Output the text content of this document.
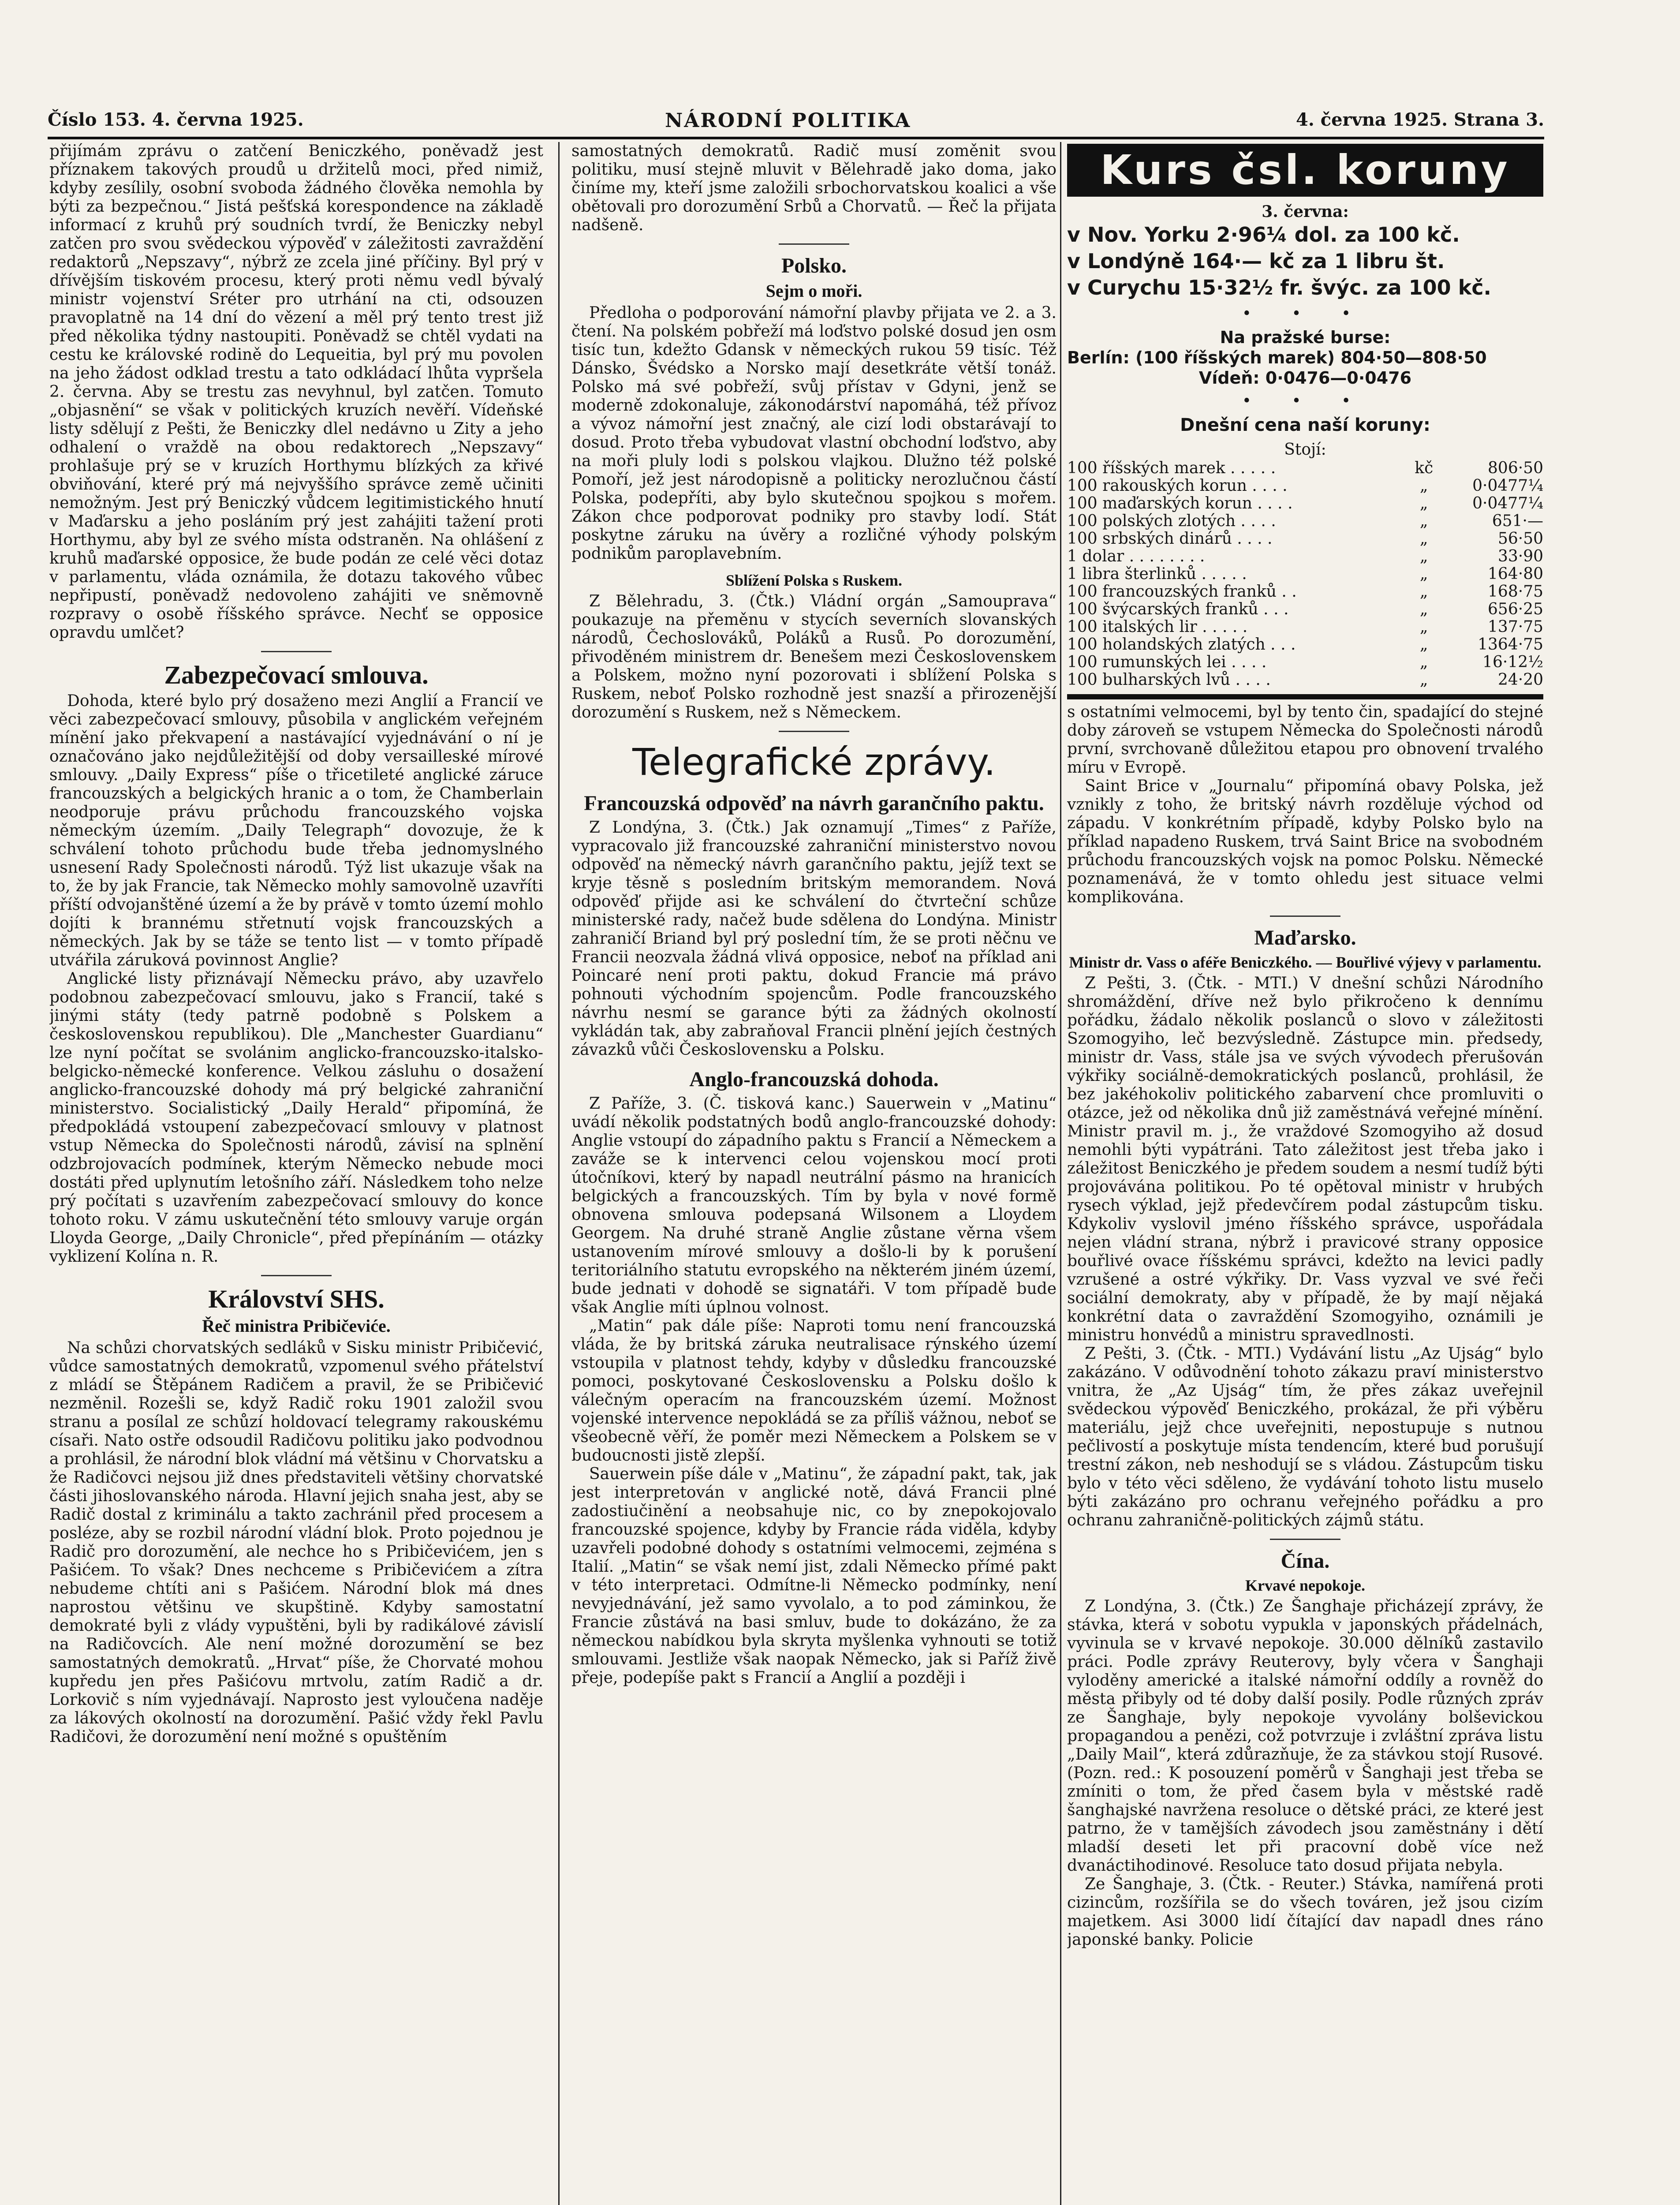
Číslo 153. 4. června 1925.	NÁRODNÍ POLITIKA	4. června 1925. Strana 3.

přijímám zprávu o zatčení Beniczkého, poněvadž jest příznakem takových proudů u držitelů moci, před nimiž, kdyby zesílily, osobní svoboda žádného člověka nemohla by býti za bezpečnou.“ Jistá pešťská korespondence na základě informací z kruhů prý soudních tvrdí, že Beniczky nebyl zatčen pro svou svědeckou výpověď v záležitosti zavraždění redaktorů „Nepszavy“, nýbrž ze zcela jiné příčiny. Byl prý v dřívějším tiskovém procesu, který proti němu vedl bývalý ministr vojenství Sréter pro utrhání na cti, odsouzen pravoplatně na 14 dní do vězení a měl prý tento trest již před několika týdny nastoupiti. Poněvadž se chtěl vydati na cestu ke královské rodině do Lequeitia, byl prý mu povolen na jeho žádost odklad trestu a tato odkládací lhůta vypršela 2. června. Aby se trestu zas nevyhnul, byl zatčen. Tomuto „objasnění“ se však v politických kruzích nevěří. Vídeňské listy sdělují z Pešti, že Beniczky dlel nedávno u Zity a jeho odhalení o vraždě na obou redaktorech „Nepszavy“ prohlašuje prý se v kruzích Horthymu blízkých za křivé obviňování, které prý má nejvyššího správce země učiniti nemožným. Jest prý Beniczký vůdcem legitimistického hnutí v Maďarsku a jeho posláním prý jest zahájiti tažení proti Horthymu, aby byl ze svého místa odstraněn. Na ohlášení z kruhů maďarské opposice, že bude podán ze celé věci dotaz v parlamentu, vláda oznámila, že dotazu takového vůbec nepřipustí, poněvadž nedovoleno zahájiti ve sněmovně rozpravy o osobě říšského správce. Nechť se opposice opravdu umlčet?

Zabezpečovací smlouva.

Dohoda, které bylo prý dosaženo mezi Anglií a Francií ve věci zabezpečovací smlouvy, působila v anglickém veřejném mínění jako překvapení a nastávající vyjednávání o ní je označováno jako nejdůležitější od doby versailleské mírové smlouvy. „Daily Express“ píše o třicetileté anglické záruce francouzských a belgických hranic a o tom, že Chamberlain neodporuje právu průchodu francouzského vojska německým územím. „Daily Telegraph“ dovozuje, že k schválení tohoto průchodu bude třeba jednomyslného usnesení Rady Společnosti národů. Týž list ukazuje však na to, že by jak Francie, tak Německo mohly samovolně uzavříti příští odvojanštěné území a že by právě v tomto území mohlo dojíti k brannému střetnutí vojsk francouzských a německých. Jak by se táže se tento list — v tomto případě utvářila záruková povinnost Anglie?

Anglické listy přiznávají Německu právo, aby uzavřelo podobnou zabezpečovací smlouvu, jako s Francií, také s jinými státy (tedy patrně podobně s Polskem a československou republikou). Dle „Manchester Guardianu“ lze nyní počítat se svolánim anglicko-francouzsko-italsko-belgicko-německé konference. Velkou zásluhu o dosažení anglicko-francouzské dohody má prý belgické zahraniční ministerstvo. Socialistický „Daily Herald“ připomíná, že předpokládá vstoupení zabezpečovací smlouvy v platnost vstup Německa do Společnosti národů, závisí na splnění odzbrojovacích podmínek, kterým Německo nebude moci dostáti před uplynutím letošního září. Následkem toho nelze prý počítati s uzavřením zabezpečovací smlouvy do konce tohoto roku. V zámu uskutečnění této smlouvy varuje orgán Lloyda George, „Daily Chronicle“, před přepínáním — otázky vyklizení Kolína n. R.

Království SHS.
Řeč ministra Pribičeviće.

Na schůzi chorvatských sedláků v Sisku ministr Pribičević, vůdce samostatných demokratů, vzpomenul svého přátelství z mládí se Štěpánem Radičem a pravil, že se Pribičević nezměnil. Rozešli se, když Radič roku 1901 založil svou stranu a posílal ze schůzí holdovací telegramy rakouskému císaři. Nato ostře odsoudil Radičovu politiku jako podvodnou a prohlásil, že národní blok vládní má většinu v Chorvatsku a že Radičovci nejsou již dnes představiteli většiny chorvatské části jihoslovanského národa. Hlavní jejich snaha jest, aby se Radič dostal z kriminálu a takto zachránil před procesem a posléze, aby se rozbil národní vládní blok. Proto pojednou je Radič pro dorozumění, ale nechce ho s Pribičevićem, jen s Pašićem. To však? Dnes nechceme s Pribičevićem a zítra nebudeme chtíti ani s Pašićem. Národní blok má dnes naprostou většinu ve skupštině. Kdyby samostatní demokraté byli z vlády vypuštěni, byli by radikálové závislí na Radičovcích. Ale není možné dorozumění se bez samostatných demokratů. „Hrvat“ píše, že Chorvaté mohou kupředu jen přes Pašićovu mrtvolu, zatím Radič a dr. Lorkovič s ním vyjednávají. Naprosto jest vyloučena naděje za lákových okolností na dorozumění. Pašić vždy řekl Pavlu Radičovi, že dorozumění není možné s opuštěním

samostatných demokratů. Radič musí zoměnit svou politiku, musí stejně mluvit v Bělehradě jako doma, jako činíme my, kteří jsme založili srbochorvatskou koalici a vše obětovali pro dorozumění Srbů a Chorvatů. — Řeč la přijata nadšeně.

Polsko.
Sejm o moři.

Předloha o podporování námořní plavby přijata ve 2. a 3. čtení. Na polském pobřeží má loďstvo polské dosud jen osm tisíc tun, kdežto Gdansk v německých rukou 59 tisíc. Též Dánsko, Švédsko a Norsko mají desetkráte větší tonáž. Polsko má své pobřeží, svůj přístav v Gdyni, jenž se moderně zdokonaluje, zákonodárství napomáhá, též přívoz a vývoz námořní jest značný, ale cizí lodi obstarávají to dosud. Proto třeba vybudovat vlastní obchodní loďstvo, aby na moři pluly lodi s polskou vlajkou. Dlužno též polské Pomoří, jež jest národopisně a politicky nerozlučnou částí Polska, podepříti, aby bylo skutečnou spojkou s mořem. Zákon chce podporovat podniky pro stavby lodí. Stát poskytne záruku na úvěry a rozličné výhody polským podnikům paroplavebním.

Sblížení Polska s Ruskem.

Z Bělehradu, 3. (Čtk.) Vládní orgán „Samouprava“ poukazuje na přeměnu v stycích severních slovanských národů, Čechoslováků, Poláků a Rusů. Po dorozumění, přivoděném ministrem dr. Benešem mezi Československem a Polskem, možno nyní pozorovati i sblížení Polska s Ruskem, neboť Polsko rozhodně jest snazší a přirozenější dorozumění s Ruskem, než s Německem.

Telegrafické zprávy.
Francouzská odpověď na návrh garančního paktu.

Z Londýna, 3. (Čtk.) Jak oznamují „Times“ z Paříže, vypracovalo již francouzské zahraniční ministerstvo novou odpověď na německý návrh garančního paktu, jejíž text se kryje těsně s posledním britským memorandem. Nová odpověď přijde asi ke schválení do čtvrteční schůze ministerské rady, načež bude sdělena do Londýna. Ministr zahraničí Briand byl prý poslední tím, že se proti něčnu ve Francii neozvala žádná vlivá opposice, neboť na příklad ani Poincaré není proti paktu, dokud Francie má právo pohnouti východním spojencům. Podle francouzského návrhu nesmí se garance býti za žádných okolností vykládán tak, aby zabraňoval Francii plnění jejích čestných závazků vůči Československu a Polsku.

Anglo-francouzská dohoda.

Z Paříže, 3. (Č. tisková kanc.) Sauerwein v „Matinu“ uvádí několik podstatných bodů anglo-francouzské dohody: Anglie vstoupí do západního paktu s Francií a Německem a zaváže se k intervenci celou vojenskou mocí proti útočníkovi, který by napadl neutrální pásmo na hranicích belgických a francouzských. Tím by byla v nové formě obnovena smlouva podepsaná Wilsonem a Lloydem Georgem. Na druhé straně Anglie zůstane věrna všem ustanovením mírové smlouvy a došlo-li by k porušení teritoriálního statutu evropského na některém jiném území, bude jednati v dohodě se signatáři. V tom případě bude však Anglie míti úplnou volnost.

„Matin“ pak dále píše: Naproti tomu není francouzská vláda, že by britská záruka neutralisace rýnského území vstoupila v platnost tehdy, kdyby v důsledku francouzské pomoci, poskytované Československu a Polsku došlo k válečným operacím na francouzském území. Možnost vojenské intervence nepokládá se za příliš vážnou, neboť se všeobecně věří, že poměr mezi Německem a Polskem se v budoucnosti jistě zlepší.

Sauerwein píše dále v „Matinu“, že západní pakt, tak, jak jest interpretován v anglické notě, dává Francii plné zadostiučinění a neobsahuje nic, co by znepokojovalo francouzské spojence, kdyby by Francie ráda viděla, kdyby uzavřeli podobné dohody s ostatními velmocemi, zejména s Italií. „Matin“ se však nemí jist, zdali Německo přímé pakt v této interpretaci. Odmítne-li Německo podmínky, není nevyjednávání, jež samo vyvolalo, a to pod záminkou, že Francie zůstává na basi smluv, bude to dokázáno, že za německou nabídkou byla skryta myšlenka vyhnouti se totiž smlouvami. Jestliže však naopak Německo, jak si Paříž živě přeje, podepíše pakt s Francií a Anglií a později i

Kurs čsl. koruny
3. června:
v Nov. Yorku 2·96¼ dol. za 100 kč.
v Londýně 164·— kč za 1 libru št.
v Curychu 15·32½ fr. švýc. za 100 kč.
• • •
Na pražské burse:
Berlín: (100 říšských marek) 804·50—808·50
Vídeň: 0·0476—0·0476
• • •
Dnešní cena naší koruny:
Stojí:
100 říšských marek . . . . .	kč	806·50
100 rakouských korun . . . .	„	0·0477¼
100 maďarských korun . . . .	„	0·0477¼
100 polských zlotých . . . .	„	651·—
100 srbských dinárů . . . .	„	56·50
1 dolar . . . . . . . .	„	33·90
1 libra šterlinků . . . . .	„	164·80
100 francouzských franků . .	„	168·75
100 švýcarských franků . . .	„	656·25
100 italských lir . . . . .	„	137·75
100 holandských zlatých . . .	„	1364·75
100 rumunských lei . . . .	„	16·12½
100 bulharských lvů . . . .	„	24·20

s ostatními velmocemi, byl by tento čin, spadající do stejné doby zároveň se vstupem Německa do Společnosti národů první, svrchovaně důležitou etapou pro obnovení trvalého míru v Evropě.

Saint Brice v „Journalu“ připomíná obavy Polska, jež vznikly z toho, že britský návrh rozděluje východ od západu. V konkrétním případě, kdyby Polsko bylo na příklad napadeno Ruskem, trvá Saint Brice na svobodném průchodu francouzských vojsk na pomoc Polsku. Německé poznamenává, že v tomto ohledu jest situace velmi komplikována.

Maďarsko.
Ministr dr. Vass o aféře Beniczkého. — Bouřlivé výjevy v parlamentu.

Z Pešti, 3. (Čtk. - MTI.) V dnešní schůzi Národního shromáždění, dříve než bylo přikročeno k dennímu pořádku, žádalo několik poslanců o slovo v záležitosti Szomogyiho, leč bezvýsledně. Zástupce min. předsedy, ministr dr. Vass, stále jsa ve svých vývodech přerušován výkřiky sociálně-demokratických poslanců, prohlásil, že bez jakéhokoliv politického zabarvení chce promluviti o otázce, jež od několika dnů již zaměstnává veřejné mínění. Ministr pravil m. j., že vraždové Szomogyiho až dosud nemohli býti vypátráni. Tato záležitost jest třeba jako i záležitost Beniczkého je předem soudem a nesmí tudíž býti projovávána politikou. Po té opětoval ministr v hrubých rysech výklad, jejž předevčírem podal zástupcům tisku. Kdykoliv vyslovil jméno říšského správce, uspořádala nejen vládní strana, nýbrž i pravicové strany opposice bouřlivé ovace říšskému správci, kdežto na levici padly vzrušené a ostré výkřiky. Dr. Vass vyzval ve své řeči sociální demokraty, aby v případě, že by mají nějaká konkrétní data o zavraždění Szomogyiho, oznámili je ministru honvédů a ministru spravedlnosti.

Z Pešti, 3. (Čtk. - MTI.) Vydávání listu „Az Ujság“ bylo zakázáno. V odůvodnění tohoto zákazu praví ministerstvo vnitra, že „Az Ujság“ tím, že přes zákaz uveřejnil svědeckou výpověď Beniczkého, prokázal, že při výběru materiálu, jejž chce uveřejniti, nepostupuje s nutnou pečlivostí a poskytuje místa tendencím, které bud porušují trestní zákon, neb neshodují se s vládou. Zástupcům tisku bylo v této věci sděleno, že vydávání tohoto listu muselo býti zakázáno pro ochranu veřejného pořádku a pro ochranu zahraničně-politických zájmů státu.

Čína.
Krvavé nepokoje.

Z Londýna, 3. (Čtk.) Ze Šanghaje přicházejí zprávy, že stávka, která v sobotu vypukla v japonských přádelnách, vyvinula se v krvavé nepokoje. 30.000 dělníků zastavilo práci. Podle zprávy Reuterovy, byly včera v Šanghaji vyloděny americké a italské námořní oddíly a rovněž do města přibyly od té doby další posily. Podle různých zpráv ze Šanghaje, byly nepokoje vyvolány bolševickou propagandou a penězi, což potvrzuje i zvláštní zpráva listu „Daily Mail“, která zdůrazňuje, že za stávkou stojí Rusové. (Pozn. red.: K posouzení poměrů v Šanghaji jest třeba se zmíniti o tom, že před časem byla v městské radě šanghajské navržena resoluce o dětské práci, ze které jest patrno, že v tamějších závodech jsou zaměstnány i dětí mladší deseti let při pracovní době více než dvanáctihodinové. Resoluce tato dosud přijata nebyla.

Ze Šanghaje, 3. (Čtk. - Reuter.) Stávka, namířená proti cizincům, rozšířila se do všech továren, jež jsou cizím majetkem. Asi 3000 lidí čítající dav napadl dnes ráno japonské banky. Policie
